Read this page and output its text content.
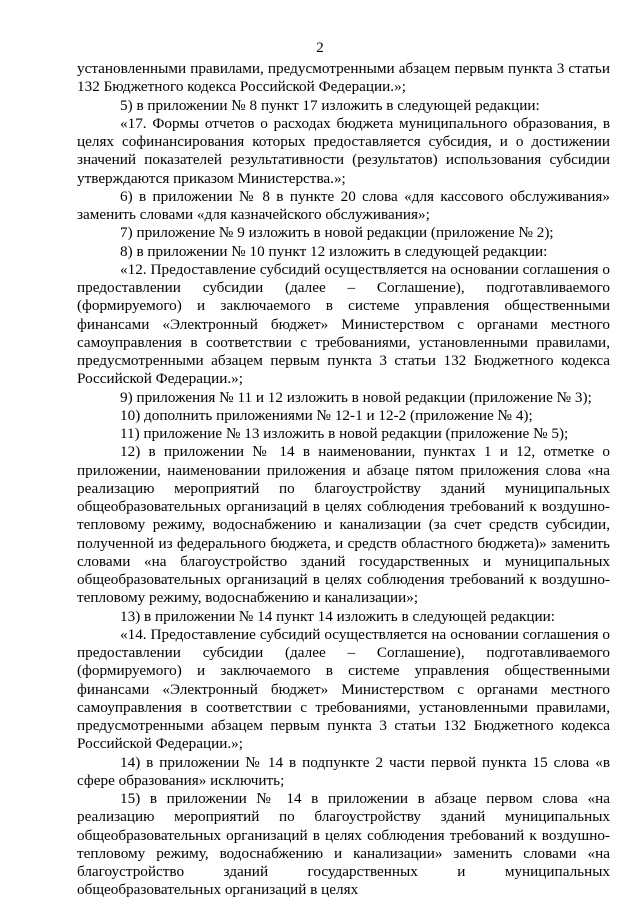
2

установленными правилами, предусмотренными абзацем первым пункта 3 статьи 132 Бюджетного кодекса Российской Федерации.»;

5) в приложении № 8 пункт 17 изложить в следующей редакции:

«17. Формы отчетов о расходах бюджета муниципального образования, в целях софинансирования которых предоставляется субсидия, и о достижении значений показателей результативности (результатов) использования субсидии утверждаются приказом Министерства.»;

6) в приложении № 8 в пункте 20 слова «для кассового обслуживания» заменить словами «для казначейского обслуживания»;

7) приложение № 9 изложить в новой редакции (приложение № 2);

8) в приложении № 10 пункт 12 изложить в следующей редакции:

«12. Предоставление субсидий осуществляется на основании соглашения о предоставлении субсидии (далее – Соглашение), подготавливаемого (формируемого) и заключаемого в системе управления общественными финансами «Электронный бюджет» Министерством с органами местного самоуправления в соответствии с требованиями, установленными правилами, предусмотренными абзацем первым пункта 3 статьи 132 Бюджетного кодекса Российской Федерации.»;

9) приложения № 11 и 12 изложить в новой редакции (приложение № 3);

10) дополнить приложениями № 12-1 и 12-2 (приложение № 4);

11) приложение № 13 изложить в новой редакции (приложение № 5);

12) в приложении № 14 в наименовании, пунктах 1 и 12, отметке о приложении, наименовании приложения и абзаце пятом приложения слова «на реализацию мероприятий по благоустройству зданий муниципальных общеобразовательных организаций в целях соблюдения требований к воздушно-тепловому режиму, водоснабжению и канализации (за счет средств субсидии, полученной из федерального бюджета, и средств областного бюджета)» заменить словами «на благоустройство зданий государственных и муниципальных общеобразовательных организаций в целях соблюдения требований к воздушно-тепловому режиму, водоснабжению и канализации»;

13) в приложении № 14 пункт 14 изложить в следующей редакции:

«14. Предоставление субсидий осуществляется на основании соглашения о предоставлении субсидии (далее – Соглашение), подготавливаемого (формируемого) и заключаемого в системе управления общественными финансами «Электронный бюджет» Министерством с органами местного самоуправления в соответствии с требованиями, установленными правилами, предусмотренными абзацем первым пункта 3 статьи 132 Бюджетного кодекса Российской Федерации.»;

14) в приложении № 14 в подпункте 2 части первой пункта 15 слова «в сфере образования» исключить;

15) в приложении № 14 в приложении в абзаце первом слова «на реализацию мероприятий по благоустройству зданий муниципальных общеобразовательных организаций в целях соблюдения требований к воздушно-тепловому режиму, водоснабжению и канализации» заменить словами «на благоустройство зданий государственных и муниципальных общеобразовательных организаций в целях
